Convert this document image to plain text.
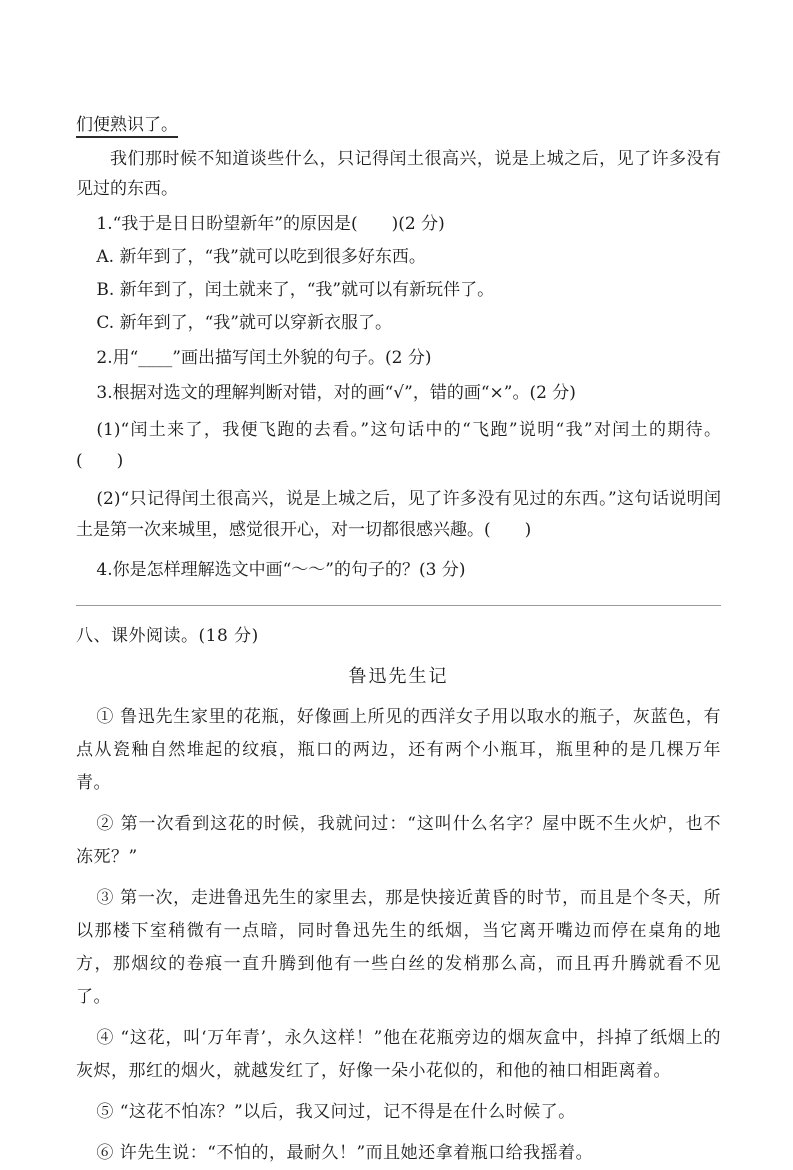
们便熟识了。

我们那时候不知道谈些什么，只记得闰土很高兴，说是上城之后，见了许多没有见过的东西。

1.“我于是日日盼望新年”的原因是(　　)(2 分)

A. 新年到了，“我”就可以吃到很多好东西。

B. 新年到了，闰土就来了，“我”就可以有新玩伴了。

C. 新年到了，“我”就可以穿新衣服了。

2.用“____”画出描写闰土外貌的句子。(2 分)

3.根据对选文的理解判断对错，对的画“√”，错的画“×”。(2 分)

(1)“闰土来了，我便飞跑的去看。”这句话中的“飞跑”说明“我”对闰土的期待。(　　)

(2)“只记得闰土很高兴，说是上城之后，见了许多没有见过的东西。”这句话说明闰土是第一次来城里，感觉很开心，对一切都很感兴趣。(　　)

4.你是怎样理解选文中画“～～”的句子的？(3 分)

八、课外阅读。(18 分)

鲁迅先生记

① 鲁迅先生家里的花瓶，好像画上所见的西洋女子用以取水的瓶子，灰蓝色，有点从瓷釉自然堆起的纹痕，瓶口的两边，还有两个小瓶耳，瓶里种的是几棵万年青。

② 第一次看到这花的时候，我就问过：“这叫什么名字？屋中既不生火炉，也不冻死？”

③ 第一次，走进鲁迅先生的家里去，那是快接近黄昏的时节，而且是个冬天，所以那楼下室稍微有一点暗，同时鲁迅先生的纸烟，当它离开嘴边而停在桌角的地方，那烟纹的卷痕一直升腾到他有一些白丝的发梢那么高，而且再升腾就看不见了。

④ “这花，叫‘万年青’，永久这样！”他在花瓶旁边的烟灰盒中，抖掉了纸烟上的灰烬，那红的烟火，就越发红了，好像一朵小花似的，和他的袖口相距离着。

⑤ “这花不怕冻？”以后，我又问过，记不得是在什么时候了。

⑥ 许先生说：“不怕的，最耐久！”而且她还拿着瓶口给我摇着。
